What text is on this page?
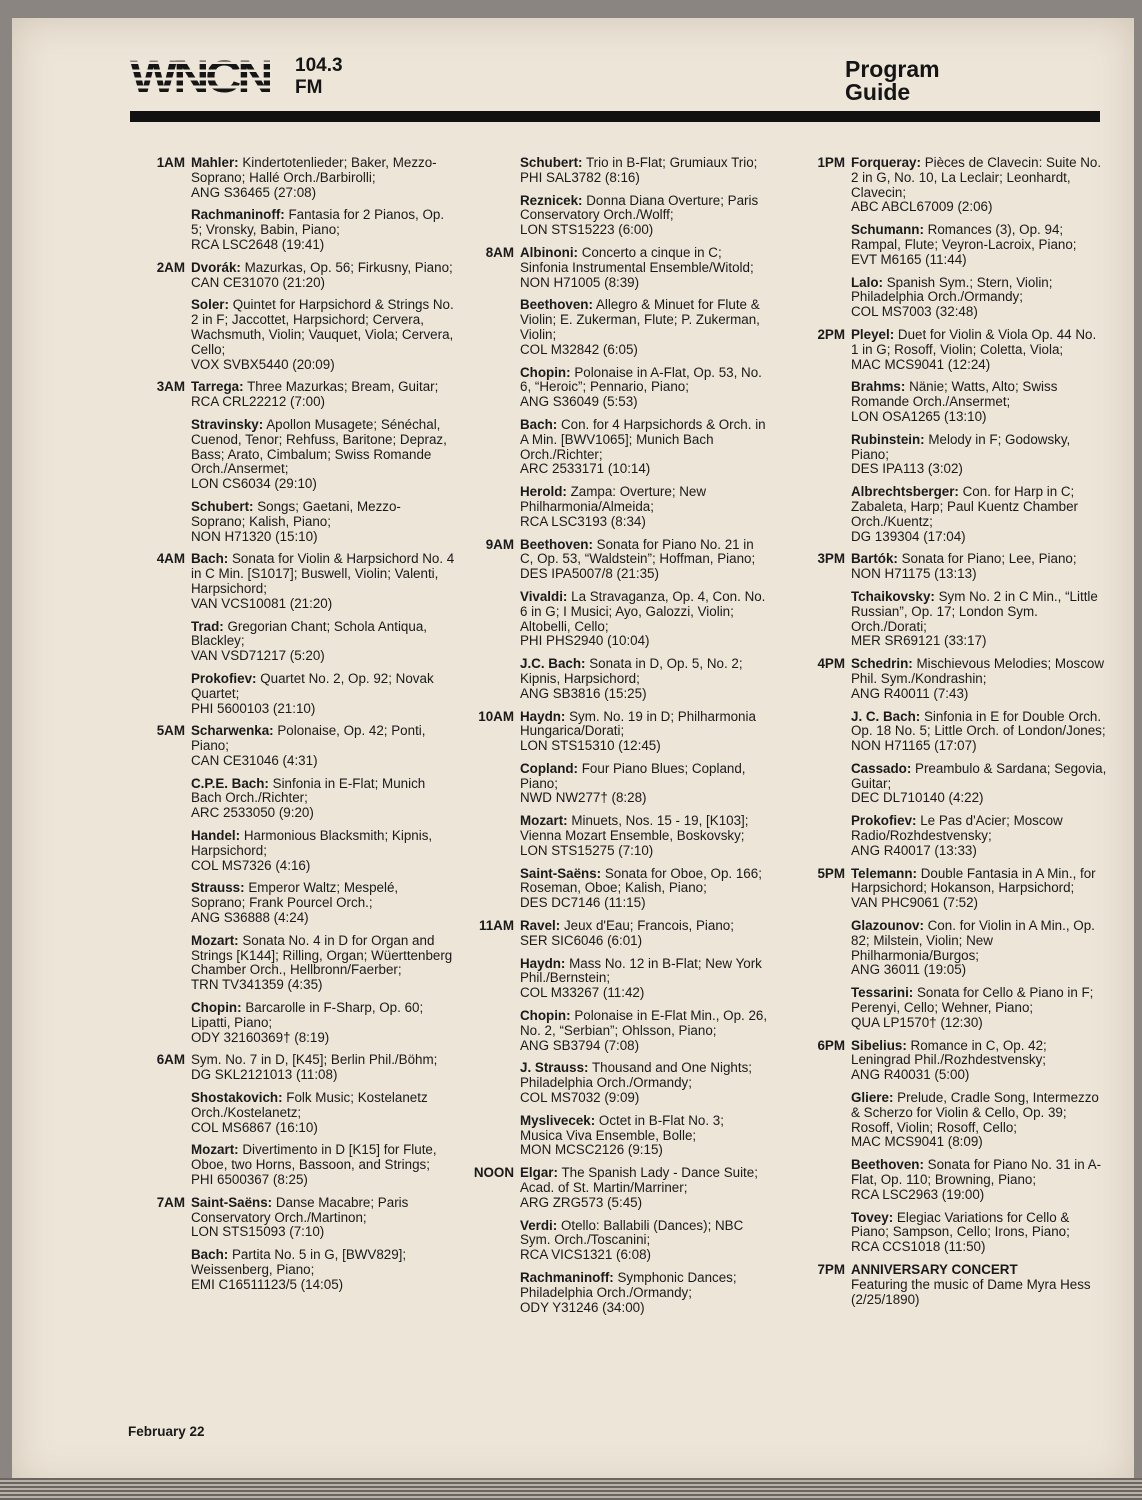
WNCN 104.3
FM
Program
Guide
1AM Mahler: Kindertotenlieder; Baker, Mezzo-Soprano; Hallé Orch./Barbirolli;
ANG S36465 (27:08)
Rachmaninoff: Fantasia for 2 Pianos, Op. 5; Vronsky, Babin, Piano;
RCA LSC2648 (19:41)
2AM Dvorák: Mazurkas, Op. 56; Firkusny, Piano;
CAN CE31070 (21:20)
Soler: Quintet for Harpsichord & Strings No. 2 in F; Jaccottet, Harpsichord; Cervera, Wachsmuth, Violin; Vauquet, Viola; Cervera, Cello;
VOX SVBX5440 (20:09)
3AM Tarrega: Three Mazurkas; Bream, Guitar;
RCA CRL22212 (7:00)
Stravinsky: Apollon Musagete; Sénéchal, Cuenod, Tenor; Rehfuss, Baritone; Depraz, Bass; Arato, Cimbalum; Swiss Romande Orch./Ansermet;
LON CS6034 (29:10)
Schubert: Songs; Gaetani, Mezzo-Soprano; Kalish, Piano;
NON H71320 (15:10)
4AM Bach: Sonata for Violin & Harpsichord No. 4 in C Min. [S1017]; Buswell, Violin; Valenti, Harpsichord;
VAN VCS10081 (21:20)
Trad: Gregorian Chant; Schola Antiqua, Blackley;
VAN VSD71217 (5:20)
Prokofiev: Quartet No. 2, Op. 92; Novak Quartet;
PHI 5600103 (21:10)
5AM Scharwenka: Polonaise, Op. 42; Ponti, Piano;
CAN CE31046 (4:31)
C.P.E. Bach: Sinfonia in E-Flat; Munich Bach Orch./Richter;
ARC 2533050 (9:20)
Handel: Harmonious Blacksmith; Kipnis, Harpsichord;
COL MS7326 (4:16)
Strauss: Emperor Waltz; Mespelé, Soprano; Frank Pourcel Orch.;
ANG S36888 (4:24)
Mozart: Sonata No. 4 in D for Organ and Strings [K144]; Rilling, Organ; Wüerttenberg Chamber Orch., Hellbronn/Faerber;
TRN TV341359 (4:35)
Chopin: Barcarolle in F-Sharp, Op. 60; Lipatti, Piano;
ODY 32160369† (8:19)
6AM Sym. No. 7 in D, [K45]; Berlin Phil./Böhm;
DG SKL2121013 (11:08)
Shostakovich: Folk Music; Kostelanetz Orch./Kostelanetz;
COL MS6867 (16:10)
Mozart: Divertimento in D [K15] for Flute, Oboe, two Horns, Bassoon, and Strings;
PHI 6500367 (8:25)
7AM Saint-Saëns: Danse Macabre; Paris Conservatory Orch./Martinon;
LON STS15093 (7:10)
Bach: Partita No. 5 in G, [BWV829]; Weissenberg, Piano;
EMI C16511123/5 (14:05)
Schubert: Trio in B-Flat; Grumiaux Trio;
PHI SAL3782 (8:16)
Reznicek: Donna Diana Overture; Paris Conservatory Orch./Wolff;
LON STS15223 (6:00)
8AM Albinoni: Concerto a cinque in C; Sinfonia Instrumental Ensemble/Witold;
NON H71005 (8:39)
Beethoven: Allegro & Minuet for Flute & Violin; E. Zukerman, Flute; P. Zukerman, Violin;
COL M32842 (6:05)
Chopin: Polonaise in A-Flat, Op. 53, No. 6, “Heroic”; Pennario, Piano;
ANG S36049 (5:53)
Bach: Con. for 4 Harpsichords & Orch. in A Min. [BWV1065]; Munich Bach Orch./Richter;
ARC 2533171 (10:14)
Herold: Zampa: Overture; New Philharmonia/Almeida;
RCA LSC3193 (8:34)
9AM Beethoven: Sonata for Piano No. 21 in C, Op. 53, “Waldstein”; Hoffman, Piano;
DES IPA5007/8 (21:35)
Vivaldi: La Stravaganza, Op. 4, Con. No. 6 in G; I Musici; Ayo, Galozzi, Violin; Altobelli, Cello;
PHI PHS2940 (10:04)
J.C. Bach: Sonata in D, Op. 5, No. 2; Kipnis, Harpsichord;
ANG SB3816 (15:25)
10AM Haydn: Sym. No. 19 in D; Philharmonia Hungarica/Dorati;
LON STS15310 (12:45)
Copland: Four Piano Blues; Copland, Piano;
NWD NW277† (8:28)
Mozart: Minuets, Nos. 15 - 19, [K103]; Vienna Mozart Ensemble, Boskovsky;
LON STS15275 (7:10)
Saint-Saëns: Sonata for Oboe, Op. 166; Roseman, Oboe; Kalish, Piano;
DES DC7146 (11:15)
11AM Ravel: Jeux d'Eau; Francois, Piano;
SER SIC6046 (6:01)
Haydn: Mass No. 12 in B-Flat; New York Phil./Bernstein;
COL M33267 (11:42)
Chopin: Polonaise in E-Flat Min., Op. 26, No. 2, “Serbian”; Ohlsson, Piano;
ANG SB3794 (7:08)
J. Strauss: Thousand and One Nights; Philadelphia Orch./Ormandy;
COL MS7032 (9:09)
Myslivecek: Octet in B-Flat No. 3; Musica Viva Ensemble, Bolle;
MON MCSC2126 (9:15)
NOON Elgar: The Spanish Lady - Dance Suite; Acad. of St. Martin/Marriner;
ARG ZRG573 (5:45)
Verdi: Otello: Ballabili (Dances); NBC Sym. Orch./Toscanini;
RCA VICS1321 (6:08)
Rachmaninoff: Symphonic Dances; Philadelphia Orch./Ormandy;
ODY Y31246 (34:00)
1PM Forqueray: Pièces de Clavecin: Suite No. 2 in G, No. 10, La Leclair; Leonhardt, Clavecin;
ABC ABCL67009 (2:06)
Schumann: Romances (3), Op. 94; Rampal, Flute; Veyron-Lacroix, Piano;
EVT M6165 (11:44)
Lalo: Spanish Sym.; Stern, Violin; Philadelphia Orch./Ormandy;
COL MS7003 (32:48)
2PM Pleyel: Duet for Violin & Viola Op. 44 No. 1 in G; Rosoff, Violin; Coletta, Viola;
MAC MCS9041 (12:24)
Brahms: Nänie; Watts, Alto; Swiss Romande Orch./Ansermet;
LON OSA1265 (13:10)
Rubinstein: Melody in F; Godowsky, Piano;
DES IPA113 (3:02)
Albrechtsberger: Con. for Harp in C; Zabaleta, Harp; Paul Kuentz Chamber Orch./Kuentz;
DG 139304 (17:04)
3PM Bartók: Sonata for Piano; Lee, Piano;
NON H71175 (13:13)
Tchaikovsky: Sym No. 2 in C Min., “Little Russian”, Op. 17; London Sym. Orch./Dorati;
MER SR69121 (33:17)
4PM Schedrin: Mischievous Melodies; Moscow Phil. Sym./Kondrashin;
ANG R40011 (7:43)
J. C. Bach: Sinfonia in E for Double Orch. Op. 18 No. 5; Little Orch. of London/Jones;
NON H71165 (17:07)
Cassado: Preambulo & Sardana; Segovia, Guitar;
DEC DL710140 (4:22)
Prokofiev: Le Pas d'Acier; Moscow Radio/Rozhdestvensky;
ANG R40017 (13:33)
5PM Telemann: Double Fantasia in A Min., for Harpsichord; Hokanson, Harpsichord;
VAN PHC9061 (7:52)
Glazounov: Con. for Violin in A Min., Op. 82; Milstein, Violin; New Philharmonia/Burgos;
ANG 36011 (19:05)
Tessarini: Sonata for Cello & Piano in F; Perenyi, Cello; Wehner, Piano;
QUA LP1570† (12:30)
6PM Sibelius: Romance in C, Op. 42; Leningrad Phil./Rozhdestvensky;
ANG R40031 (5:00)
Gliere: Prelude, Cradle Song, Intermezzo & Scherzo for Violin & Cello, Op. 39; Rosoff, Violin; Rosoff, Cello;
MAC MCS9041 (8:09)
Beethoven: Sonata for Piano No. 31 in A-Flat, Op. 110; Browning, Piano;
RCA LSC2963 (19:00)
Tovey: Elegiac Variations for Cello & Piano; Sampson, Cello; Irons, Piano;
RCA CCS1018 (11:50)
7PM ANNIVERSARY CONCERT
Featuring the music of Dame Myra Hess (2/25/1890)
February 22
